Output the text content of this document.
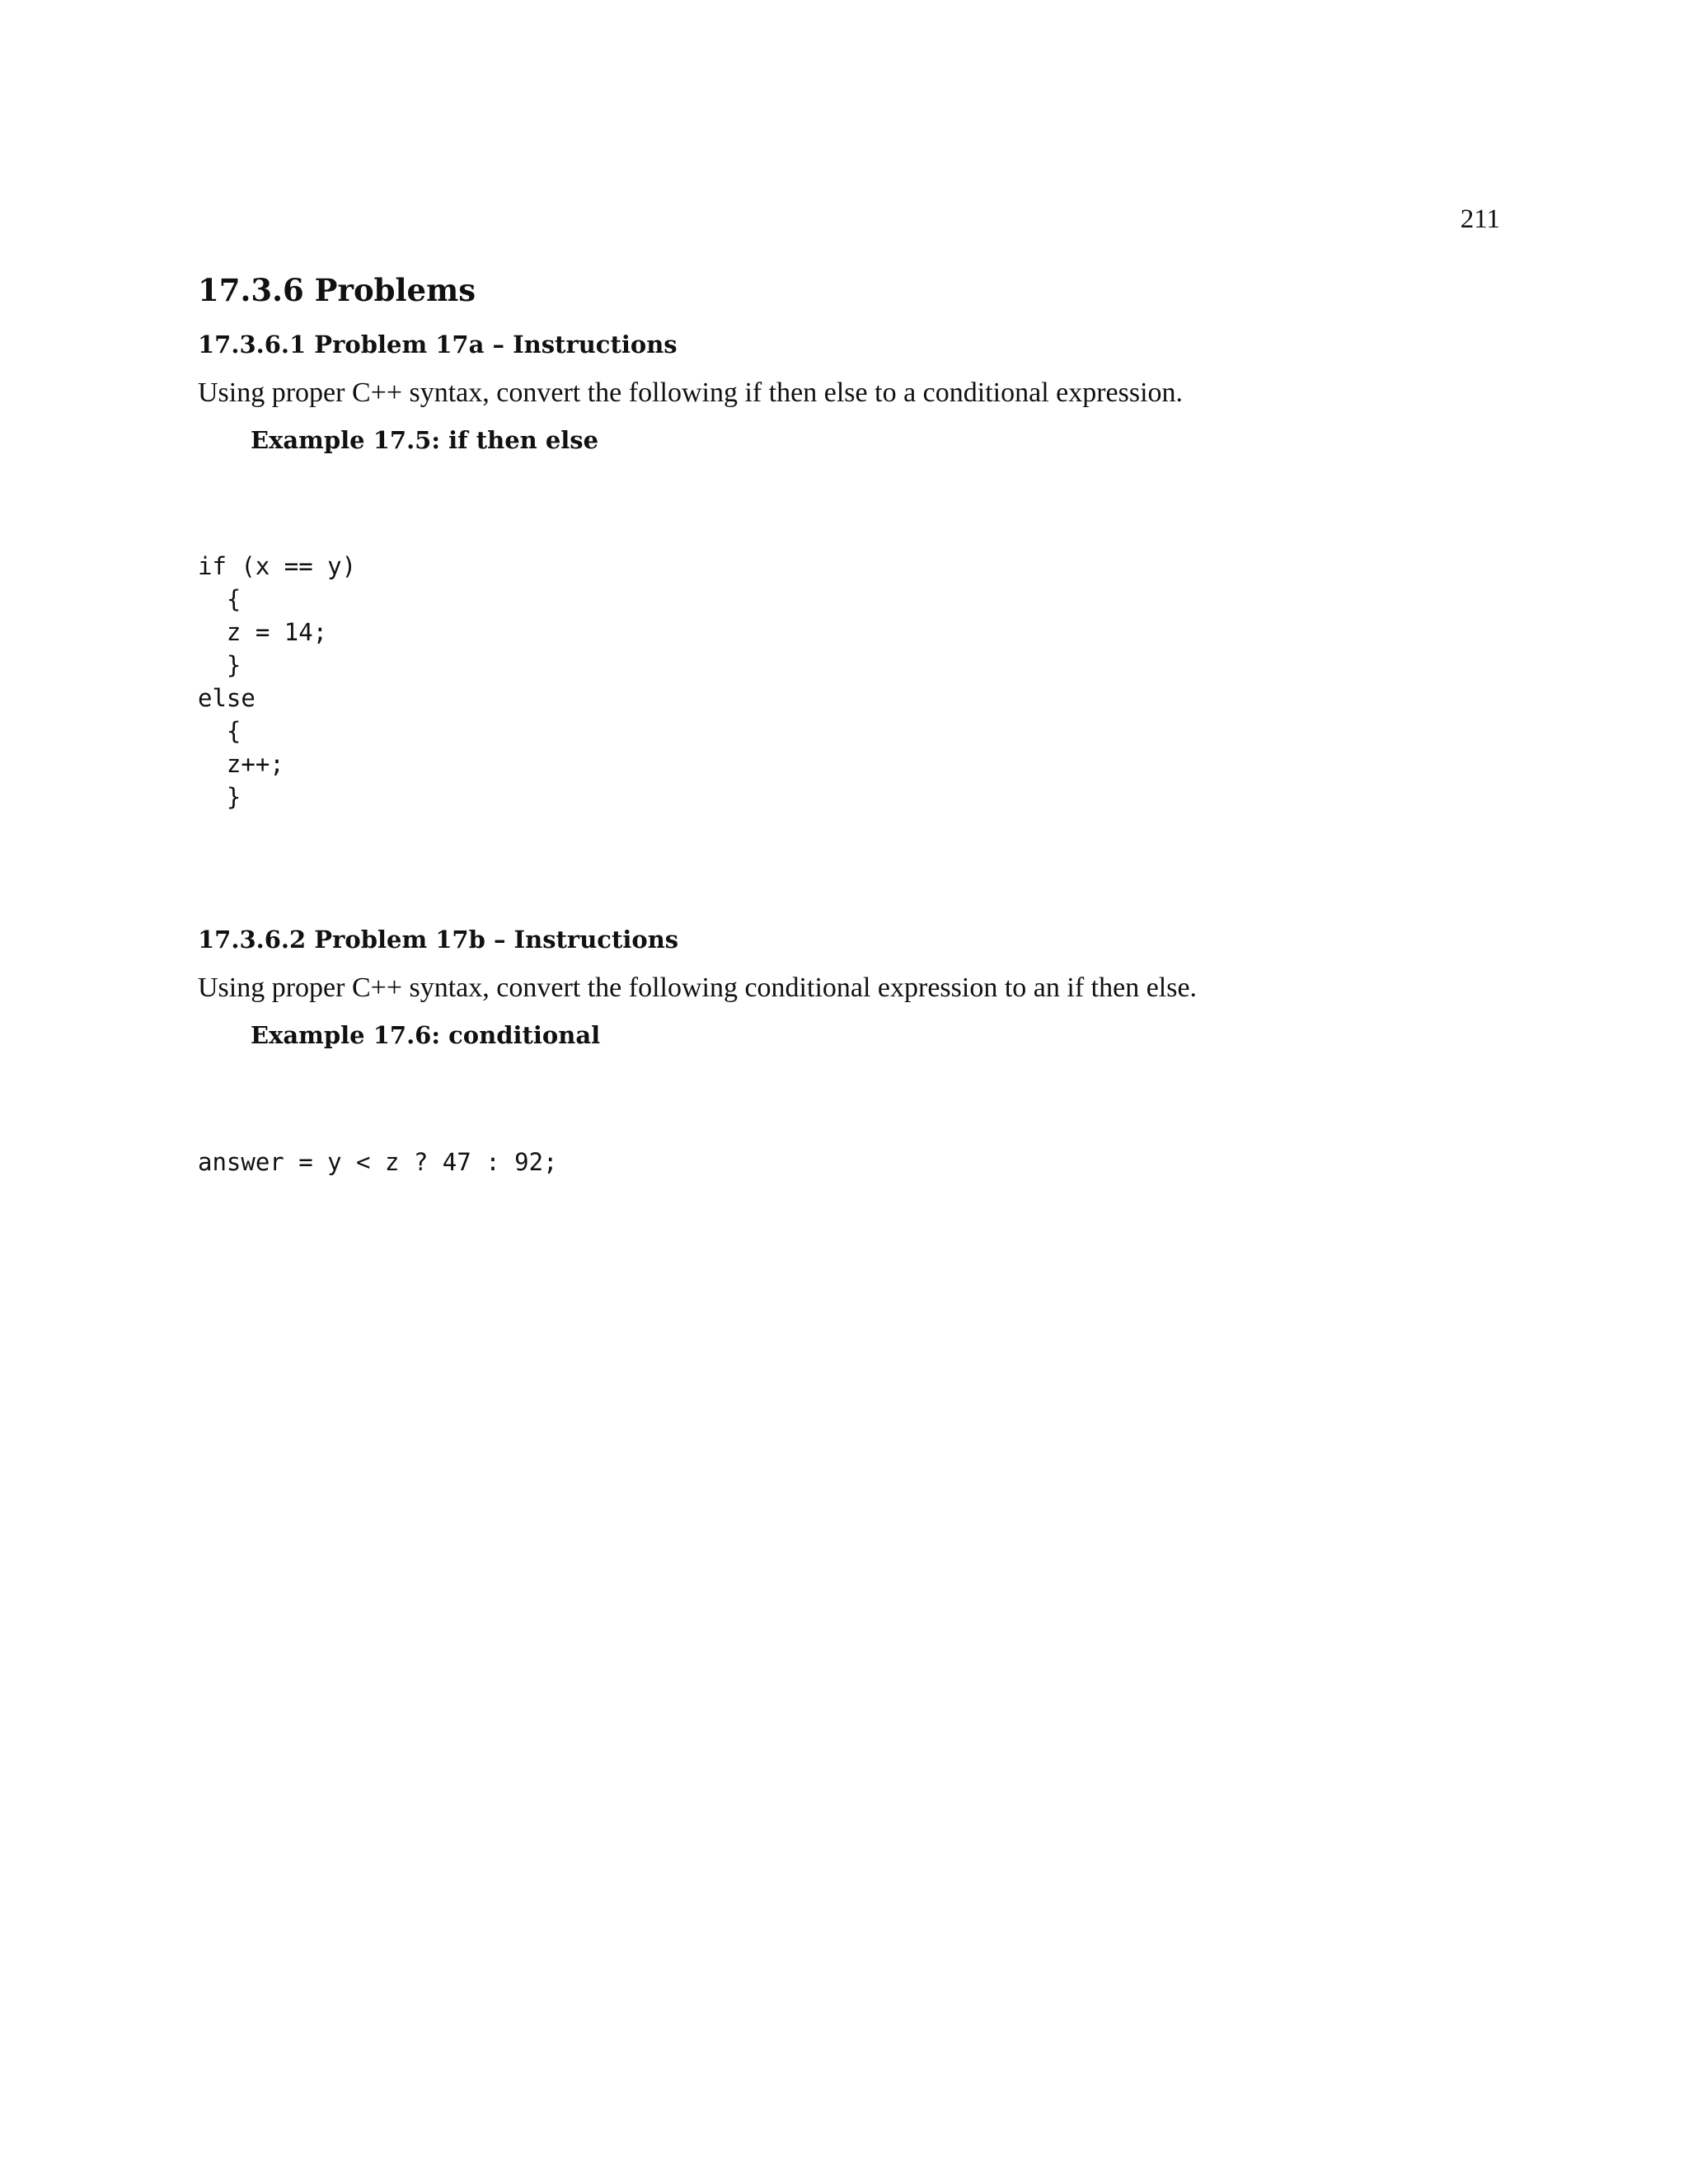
211
17.3.6 Problems
17.3.6.1 Problem 17a – Instructions

Using proper C++ syntax, convert the following if then else to a conditional expression.

Example 17.5: if then else
if (x == y)
{
z = 14;
}
else
{
z++;
}
17.3.6.2 Problem 17b – Instructions

Using proper C++ syntax, convert the following conditional expression to an if then else.

Example 17.6: conditional
answer = y < z ? 47 : 92;
